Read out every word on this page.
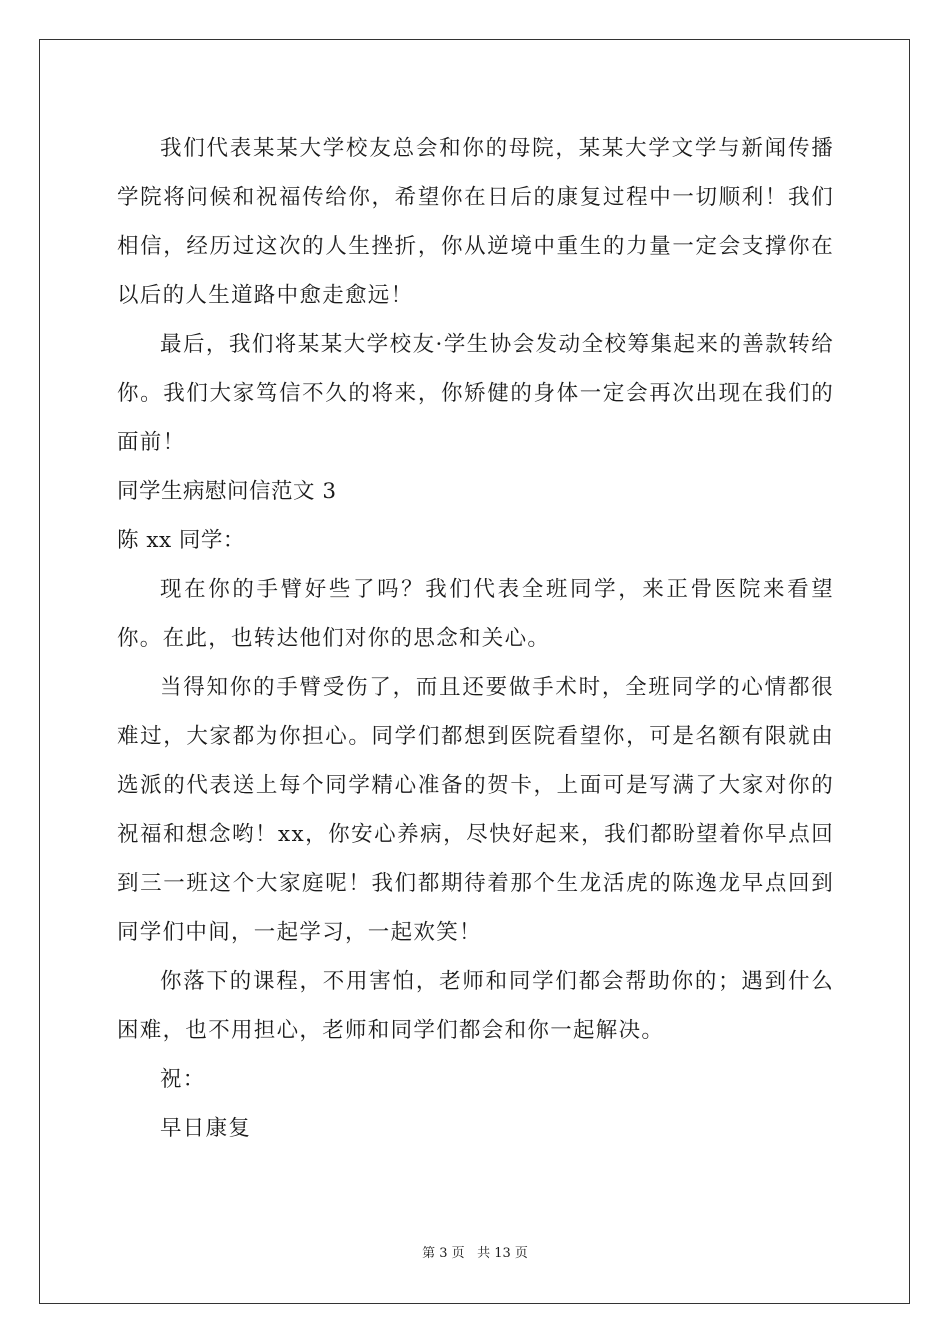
我们代表某某大学校友总会和你的母院，某某大学文学与新闻传播学院将问候和祝福传给你，希望你在日后的康复过程中一切顺利！我们相信，经历过这次的人生挫折，你从逆境中重生的力量一定会支撑你在以后的人生道路中愈走愈远！

最后，我们将某某大学校友·学生协会发动全校筹集起来的善款转给你。我们大家笃信不久的将来，你矫健的身体一定会再次出现在我们的面前！

同学生病慰问信范文 3

陈 xx 同学：

现在你的手臂好些了吗？我们代表全班同学，来正骨医院来看望你。在此，也转达他们对你的思念和关心。

当得知你的手臂受伤了，而且还要做手术时，全班同学的心情都很难过，大家都为你担心。同学们都想到医院看望你，可是名额有限就由选派的代表送上每个同学精心准备的贺卡，上面可是写满了大家对你的祝福和想念哟！xx，你安心养病，尽快好起来，我们都盼望着你早点回到三一班这个大家庭呢！我们都期待着那个生龙活虎的陈逸龙早点回到同学们中间，一起学习，一起欢笑！

你落下的课程，不用害怕，老师和同学们都会帮助你的；遇到什么困难，也不用担心，老师和同学们都会和你一起解决。

祝：

早日康复

第 3 页 共 13 页
